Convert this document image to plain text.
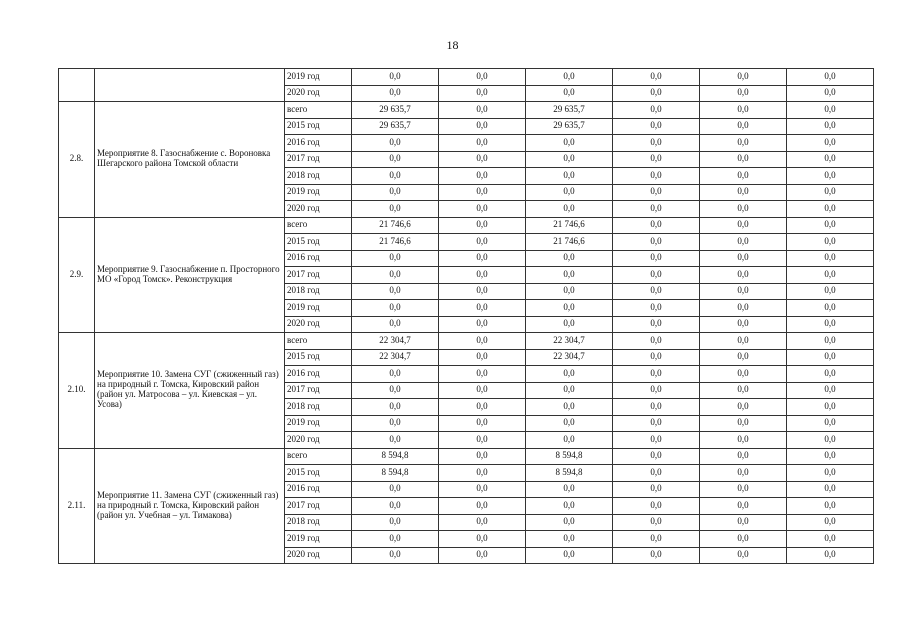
18
		2019 год	0,0	0,0	0,0	0,0	0,0	0,0
		2020 год	0,0	0,0	0,0	0,0	0,0	0,0
2.8.	Мероприятие 8. Газоснабжение с. Вороновка Шегарского района Томской области	всего	29 635,7	0,0	29 635,7	0,0	0,0	0,0
		2015 год	29 635,7	0,0	29 635,7	0,0	0,0	0,0
		2016 год	0,0	0,0	0,0	0,0	0,0	0,0
		2017 год	0,0	0,0	0,0	0,0	0,0	0,0
		2018 год	0,0	0,0	0,0	0,0	0,0	0,0
		2019 год	0,0	0,0	0,0	0,0	0,0	0,0
		2020 год	0,0	0,0	0,0	0,0	0,0	0,0
2.9.	Мероприятие 9. Газоснабжение п. Просторного МО «Город Томск». Реконструкция	всего	21 746,6	0,0	21 746,6	0,0	0,0	0,0
		2015 год	21 746,6	0,0	21 746,6	0,0	0,0	0,0
		2016 год	0,0	0,0	0,0	0,0	0,0	0,0
		2017 год	0,0	0,0	0,0	0,0	0,0	0,0
		2018 год	0,0	0,0	0,0	0,0	0,0	0,0
		2019 год	0,0	0,0	0,0	0,0	0,0	0,0
		2020 год	0,0	0,0	0,0	0,0	0,0	0,0
2.10.	Мероприятие 10. Замена СУГ (сжиженный газ) на природный г. Томска, Кировский район (район ул. Матросова – ул. Киевская – ул. Усова)	всего	22 304,7	0,0	22 304,7	0,0	0,0	0,0
		2015 год	22 304,7	0,0	22 304,7	0,0	0,0	0,0
		2016 год	0,0	0,0	0,0	0,0	0,0	0,0
		2017 год	0,0	0,0	0,0	0,0	0,0	0,0
		2018 год	0,0	0,0	0,0	0,0	0,0	0,0
		2019 год	0,0	0,0	0,0	0,0	0,0	0,0
		2020 год	0,0	0,0	0,0	0,0	0,0	0,0
2.11.	Мероприятие 11. Замена СУГ (сжиженный газ) на природный г. Томска, Кировский район (район ул. Учебная – ул. Тимакова)	всего	8 594,8	0,0	8 594,8	0,0	0,0	0,0
		2015 год	8 594,8	0,0	8 594,8	0,0	0,0	0,0
		2016 год	0,0	0,0	0,0	0,0	0,0	0,0
		2017 год	0,0	0,0	0,0	0,0	0,0	0,0
		2018 год	0,0	0,0	0,0	0,0	0,0	0,0
		2019 год	0,0	0,0	0,0	0,0	0,0	0,0
		2020 год	0,0	0,0	0,0	0,0	0,0	0,0
